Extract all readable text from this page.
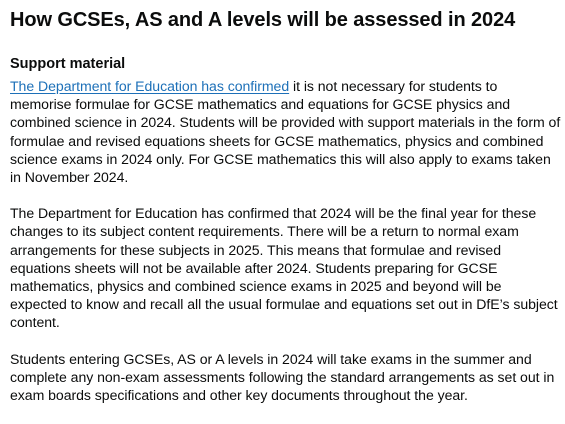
How GCSEs, AS and A levels will be assessed in 2024
Support material

The Department for Education has confirmed it is not necessary for students to memorise formulae for GCSE mathematics and equations for GCSE physics and combined science in 2024. Students will be provided with support materials in the form of formulae and revised equations sheets for GCSE mathematics, physics and combined science exams in 2024 only. For GCSE mathematics this will also apply to exams taken in November 2024.

The Department for Education has confirmed that 2024 will be the final year for these changes to its subject content requirements. There will be a return to normal exam arrangements for these subjects in 2025. This means that formulae and revised equations sheets will not be available after 2024. Students preparing for GCSE mathematics, physics and combined science exams in 2025 and beyond will be expected to know and recall all the usual formulae and equations set out in DfE’s subject content.

Students entering GCSEs, AS or A levels in 2024 will take exams in the summer and complete any non-exam assessments following the standard arrangements as set out in exam boards specifications and other key documents throughout the year.
